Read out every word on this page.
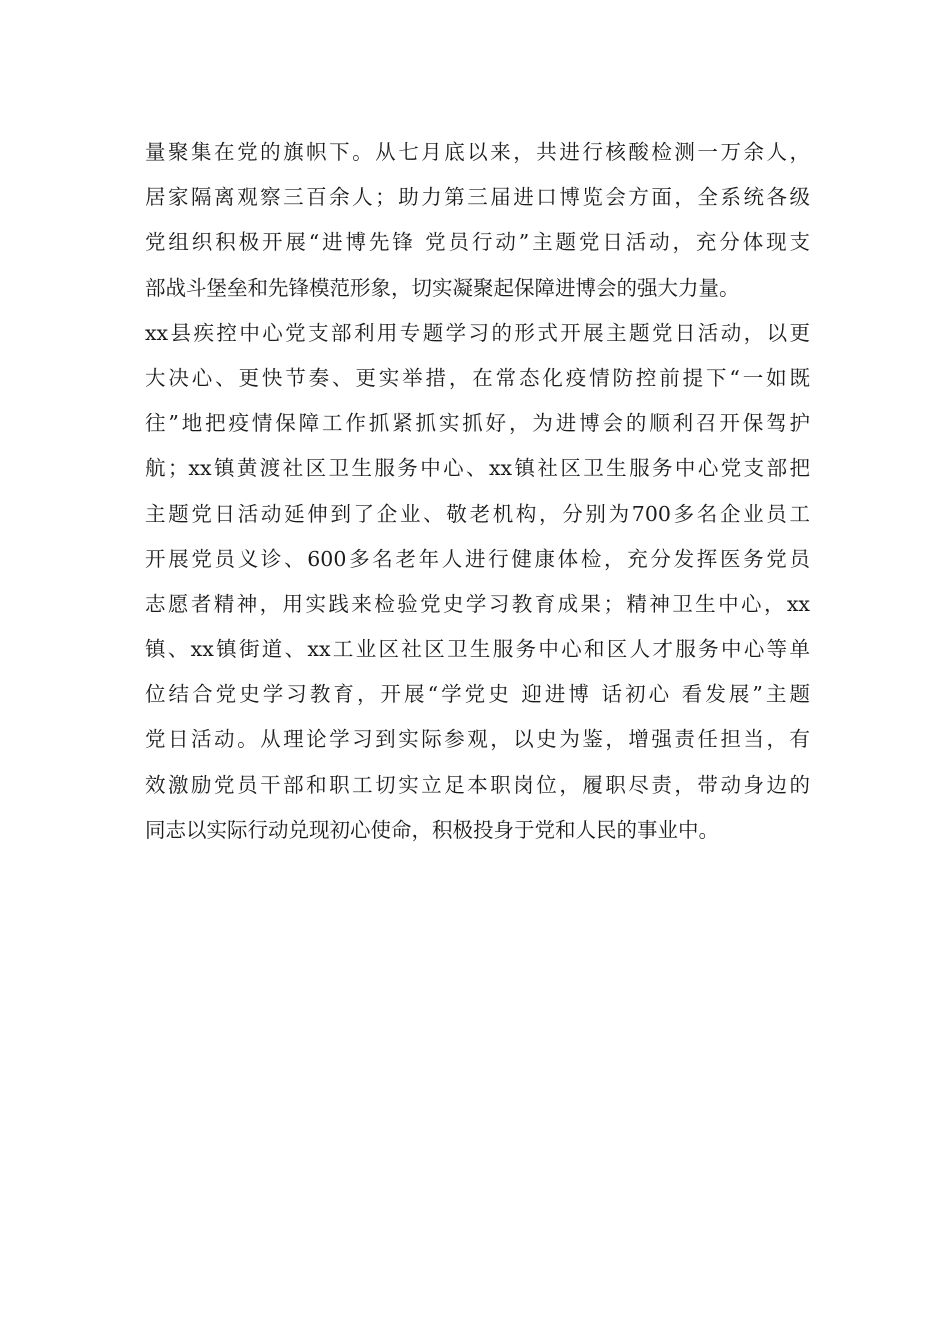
量聚集在党的旗帜下。从七月底以来，共进行核酸检测一万余人，
居家隔离观察三百余人；助力第三届进口博览会方面，全系统各级
党组织积极开展“进博先锋 党员行动”主题党日活动，充分体现支
部战斗堡垒和先锋模范形象，切实凝聚起保障进博会的强大力量。
xx县疾控中心党支部利用专题学习的形式开展主题党日活动，以更
大决心、更快节奏、更实举措，在常态化疫情防控前提下“一如既
往”地把疫情保障工作抓紧抓实抓好，为进博会的顺利召开保驾护
航；xx镇黄渡社区卫生服务中心、xx镇社区卫生服务中心党支部把
主题党日活动延伸到了企业、敬老机构，分别为700多名企业员工
开展党员义诊、600多名老年人进行健康体检，充分发挥医务党员
志愿者精神，用实践来检验党史学习教育成果；精神卫生中心，xx
镇、xx镇街道、xx工业区社区卫生服务中心和区人才服务中心等单
位结合党史学习教育，开展“学党史 迎进博 话初心 看发展”主题
党日活动。从理论学习到实际参观，以史为鉴，增强责任担当，有
效激励党员干部和职工切实立足本职岗位，履职尽责，带动身边的
同志以实际行动兑现初心使命，积极投身于党和人民的事业中。
